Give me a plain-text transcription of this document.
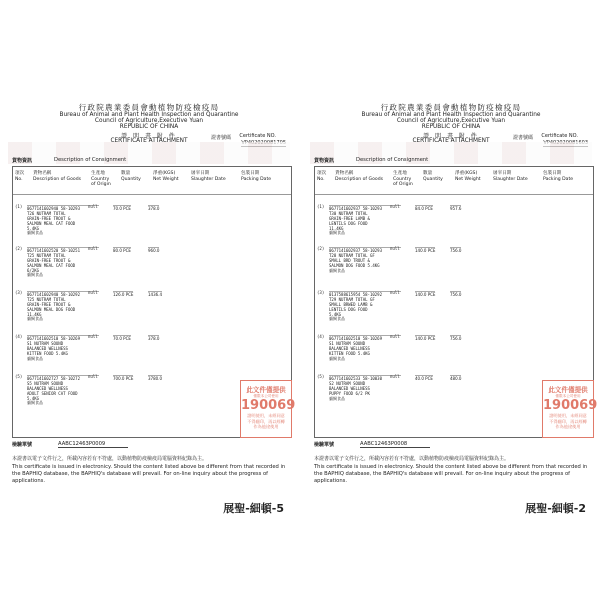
行政院農業委員會動植物防疫檢疫局
Bureau of Animal and Plant Health Inspection and Quarantine
Council of Agriculture,Executive Yuan
REPUBLIC OF CHINA
證 明 書 附 件	證書號碼 Certificate NO.
貨物資訊	Description of Consignment
項次
No.
貨物名稱
Description of Goods
生產地
Country of Origin
數量
Quantity
淨重(KGS)
Net Weight
屠宰日期
Slaughter Date
包裝日期
Packing Date
(1) 0677141602940 58-10293
T26 NUTRAM TOTAL
GRAIN-FREE TROUT &
SALMON MEAL CAT FOOD
5.4KG
貓飼食品
null	70.0 PCE	378.0
(2) 0677141602520 58-10251
T25 NUTRAM TOTAL
GRAIN-FREE TROUT &
SALMON MEAL CAT FOOD
6/2KG
貓飼食品
null	80.0 PCE	960.0
(3) 0677141602940 58-10292
T25 NUTRAM TOTAL
GRAIN-FREE TROUT &
SALMON MEAL DOG FOOD
11.4KG
貓飼食品
null	126.0 PCE	1436.4
(4) 0677141602510 58-10269
S1 NUTRAM SOUND
BALANCED WELLNESS
KITTEN FOOD 5.4KG
貓飼食品
null	70.0 PCE	378.0
(5) 0677141602727 58-10272
S5 NUTRAM SOUND
BALANCED WELLNESS
ADULT SENIOR CAT FOOD
5.4KG
貓飼食品
null	700.0 PCE	3780.0
此文件僅提供
僅限本公司使用
190069
證明使用，未經同意
不得翻印，再以經轉
作為他途使用
檢驗單號	AABC12463P0009
本證書以電子文件行之，所載內容若有不符處，以動植物防疫檢疫局電腦資料紀錄為主。
This certificate is issued in electronicy. Should the content listed above be different from that recorded in the BAPHIQ database, the BAPHIQ's database will prevail. For on-line inquiry about the progress of applications.
展聖-細頓-5
行政院農業委員會動植物防疫檢疫局
Bureau of Animal and Plant Health Inspection and Quarantine
Council of Agriculture,Executive Yuan
REPUBLIC OF CHINA
證 明 書 附 件	證書號碼 Certificate NO.
貨物資訊	Description of Consignment
項次
No.
貨物名稱
Description of Goods
生產地
Country of Origin
數量
Quantity
淨重(KGS)
Net Weight
屠宰日期
Slaughter Date
包裝日期
Packing Date
(1) 0677141602937 58-10293
T30 NUTRAM TOTAL
GRAIN-FREE LAMB &
LENTILS DOG FOOD
11.4KG
貓飼食品
null	84.0 PCE	957.6
(2) 0677141602937 58-10293
T28 NUTRAM TOTAL GF
SMALL BRD TROUT &
SALMON DOG FOOD 5.4KG
貓飼食品
null	140.0 PCE	756.0
(3) 0137588615954 58-10292
T29 NUTRAM TOTAL GF
SMALL BRWED LAMB &
LENTILS DOG FOOD
5.4KG
貓飼食品
null	140.0 PCE	756.0
(4) 0677141602510 58-10269
S1 NUTRAM SOUND
BALANCED WELLNESS
KITTEN FOOD 5.4KG
貓飼食品
null	140.0 PCE	756.0
(5) 0677141602533 58-10030
S2 NUTRAM SOUND
BALANCED WELLNESS
PUPPY FOOD 6/2 PK
貓飼食品
null	40.0 PCE	480.0
此文件僅提供
僅限本公司使用
190069
證明使用，未經同意
不得翻印，再以經轉
作為他途使用
檢驗單號	AABC12463P0008
本證書以電子文件行之，所載內容若有不符處，以動植物防疫檢疫局電腦資料紀錄為主。
This certificate is issued in electronicy. Should the content listed above be different from that recorded in the BAPHIQ database, the BAPHIQ's database will prevail. For on-line inquiry about the progress of applications.
展聖-細頓-2
